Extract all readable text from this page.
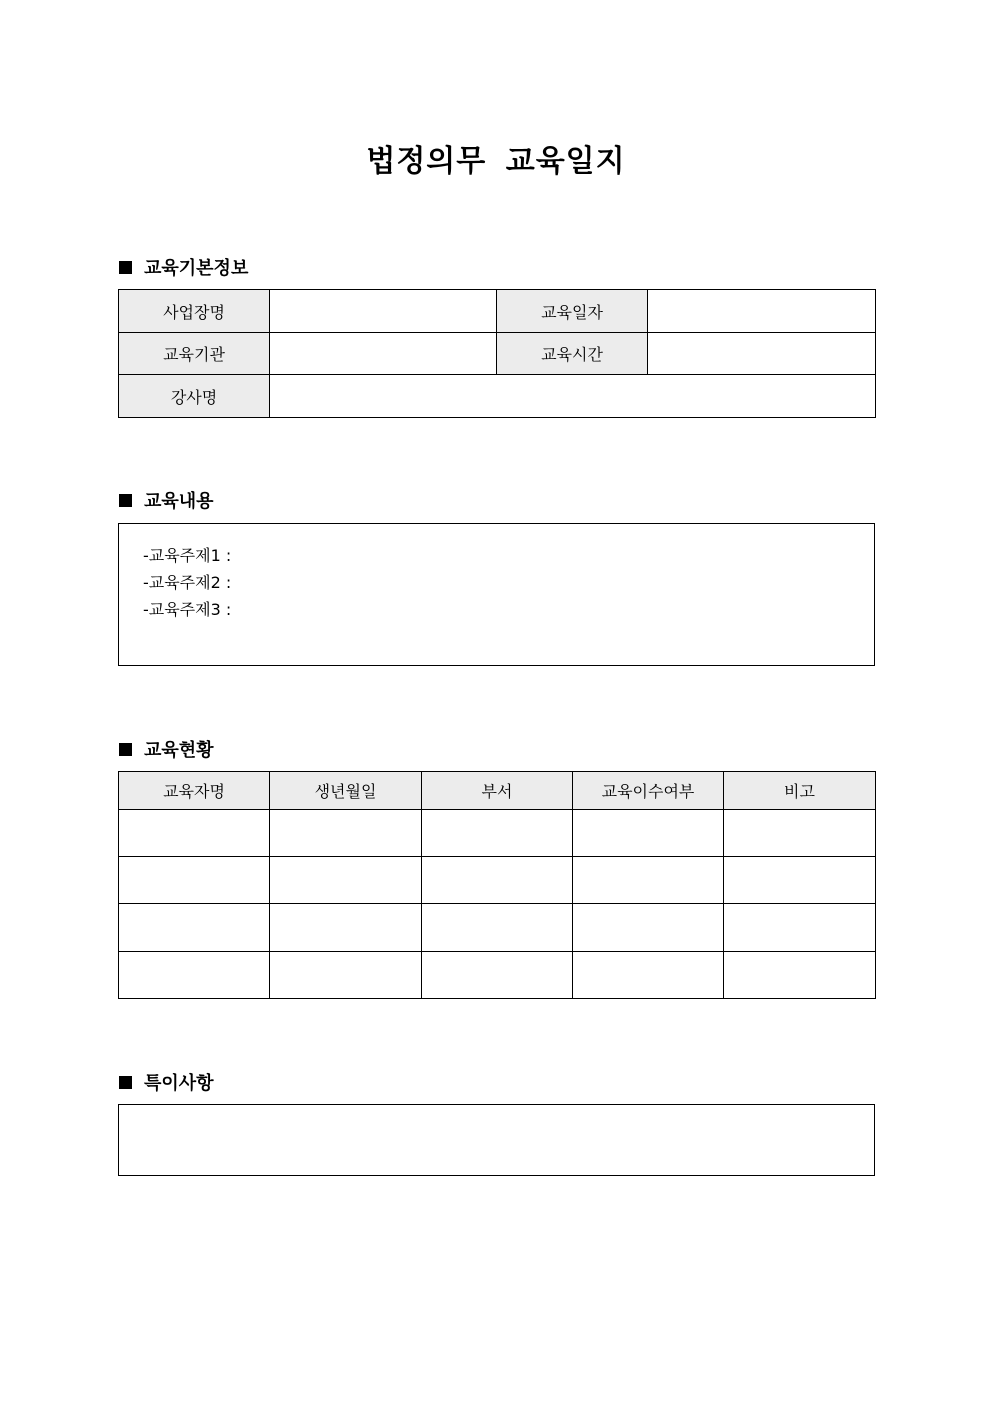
법정의무 교육일지
교육기본정보
사업장명		교육일자	
교육기관		교육시간	
강사명			
교육내용
-교육주제1 :
-교육주제2 :
-교육주제3 :
교육현황
교육자명	생년월일	부서	교육이수여부	비고

특이사항
